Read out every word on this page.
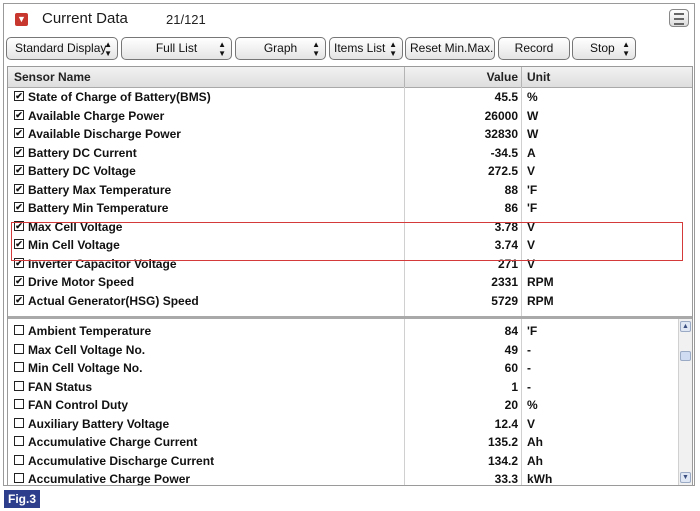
▼ Current Data	21/121
Standard Display
▲
▼	Full List	▲
▼	Graph ▲
▼	Items List ▲
▼	Reset Min.Max.	Record	Stop ▲
▼
Sensor Name	Value Unit
✔ State of Charge of Battery(BMS)	45.5 %
✔ Available Charge Power	26000 W
✔ Available Discharge Power	32830 W
✔ Battery DC Current	-34.5 A
✔ Battery DC Voltage	272.5 V
✔ Battery Max Temperature	88 'F
✔ Battery Min Temperature	86 'F
✔ Max Cell Voltage	3.78 V
✔ Min Cell Voltage	3.74 V
✔ Inverter Capacitor Voltage	271 V
✔ Drive Motor Speed	2331 RPM
✔ Actual Generator(HSG) Speed	5729 RPM
Ambient Temperature	84 'F
Max Cell Voltage No.	49 -
Min Cell Voltage No.	60 -
FAN Status	1 -
FAN Control Duty	20 %
Auxiliary Battery Voltage	12.4 V
Accumulative Charge Current	135.2 Ah
Accumulative Discharge Current	134.2 Ah
Accumulative Charge Power	33.3 kWh
▲
▼
Fig.3
